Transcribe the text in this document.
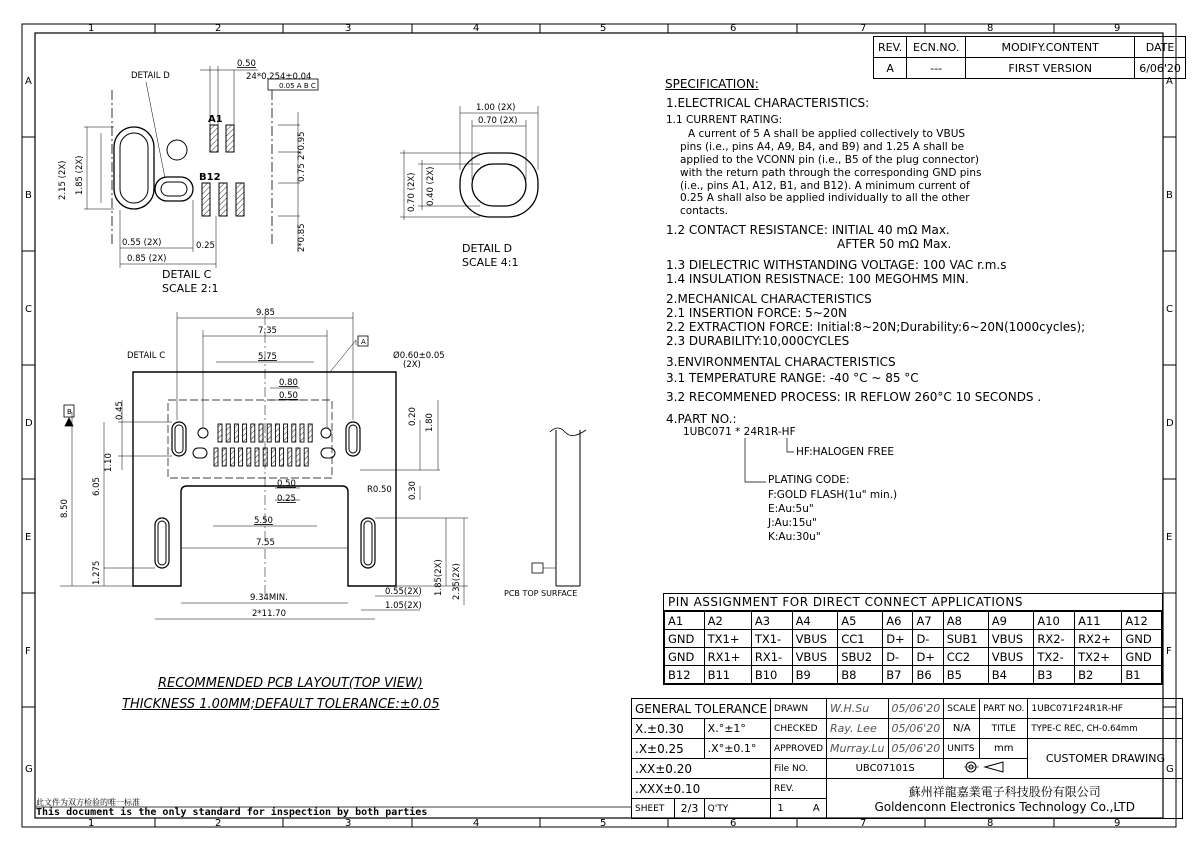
1	2	3	4	5	6	7	8	9
1	2	3	4	5	6	7	8	9
A
B
C
D
E
F
G
A
B
C
D
E
F
G
DETAIL D
0.50
24*0.254±0.04
0.05 A B C
A1
B12
2.15 (2X) 1.85 (2X)
2*0.95
0.75
2*0.85
0.55 (2X)	0.25
0.85 (2X)
DETAIL C
SCALE 2:1
1.00 (2X)
0.70 (2X)
0.70 (2X) 0.40 (2X)
DETAIL D
SCALE 4:1
DETAIL C
9.85
7.35
5.75
0.80
0.50
Ø0.60±0.05
(2X)
A
B	0.45	0.20 1.80
1.10
6.05
8.50
1.275
0.50
0.25
R0.50 0.30
5.50
7.55
9.34MIN.
2*11.70
0.55(2X)
1.05(2X)
1.85(2X) 2.35(2X)	PCB TOP SURFACE
REV.	ECN.NO.	MODIFY.CONTENT	DATE
A	---	FIRST VERSION	6/06'20
SPECIFICATION:
1.ELECTRICAL CHARACTERISTICS:
1.1 CURRENT RATING:
A current of 5 A shall be applied collectively to VBUS
pins (i.e., pins A4, A9, B4, and B9) and 1.25 A shall be
applied to the VCONN pin (i.e., B5 of the plug connector)
with the return path through the corresponding GND pins
(i.e., pins A1, A12, B1, and B12). A minimum current of
0.25 A shall also be applied individually to all the other
contacts.
1.2 CONTACT RESISTANCE: INITIAL 40 mΩ Max.
AFTER 50 mΩ Max.
1.3 DIELECTRIC WITHSTANDING VOLTAGE: 100 VAC r.m.s
1.4 INSULATION RESISTNACE: 100 MEGOHMS MIN.
2.MECHANICAL CHARACTERISTICS
2.1 INSERTION FORCE: 5~20N
2.2 EXTRACTION FORCE: Initial:8~20N;Durability:6~20N(1000cycles);
2.3 DURABILITY:10,000CYCLES
3.ENVIRONMENTAL CHARACTERISTICS
3.1 TEMPERATURE RANGE: -40 °C ~ 85 °C
3.2 RECOMMENED PROCESS: IR REFLOW 260°C 10 SECONDS .
4.PART NO.:
1UBC071 * 24R1R-HF
HF:HALOGEN FREE
PLATING CODE:
F:GOLD FLASH(1u" min.)
E:Au:5u"
J:Au:15u"
K:Au:30u"
PIN ASSIGNMENT FOR DIRECT CONNECT APPLICATIONS
A1	A2	A3	A4	A5	A6	A7	A8	A9	A10	A11	A12
GND	TX1+	TX1-	VBUS	CC1	D+	D-	SUB1	VBUS	RX2-	RX2+	GND
GND	RX1+	RX1-	VBUS	SBU2	D-	D+	CC2	VBUS	TX2-	TX2+	GND
B12	B11	B10	B9	B8	B7	B6	B5	B4	B3	B2	B1
RECOMMENDED PCB LAYOUT(TOP VIEW)
THICKNESS 1.00MM;DEFAULT TOLERANCE:±0.05
此文件为双方检验的唯一标准
This document is the only standard for inspection by both parties
GENERAL TOLERANCE			DRAWN	W.H.Su	05/06'20	SCALE	PART NO.	1UBC071F24R1R-HF
X.±0.30		X.°±1°	CHECKED	Ray. Lee	05/06'20	N/A	TITLE	TYPE-C REC, CH-0.64mm
.X±0.25		.X°±0.1°	APPROVED	Murray.Lu	05/06'20	UNITS	mm	CUSTOMER DRAWING
.XX±0.20			File NO.	UBC07101S	
.XXX±0.10			REV.	蘇州祥龍嘉業電子科技股份有限公司
Goldenconn Electronics Technology Co.,LTD				

SHEET	2/3	Q'TY	1 A					
